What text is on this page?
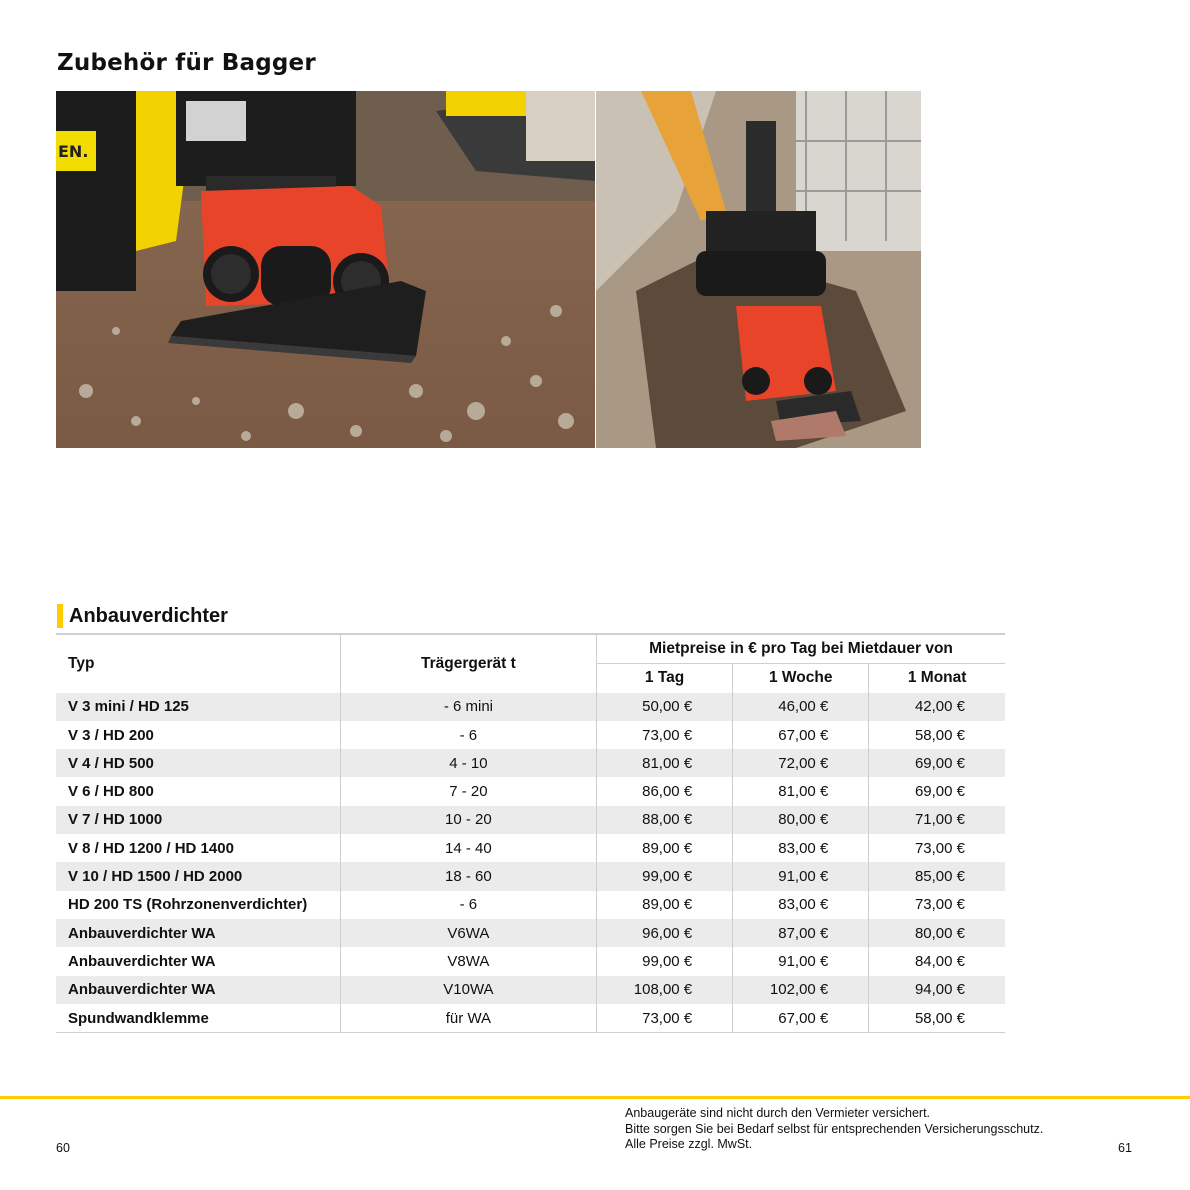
Zubehör für Bagger
EN.
Anbauverdichter
Typ	Trägergerät t	Mietpreise in € pro Tag bei Mietdauer von		
		1 Tag	1 Woche	1 Monat
V 3 mini / HD 125	- 6 mini	50,00 €	46,00 €	42,00 €
V 3 / HD 200	- 6	73,00 €	67,00 €	58,00 €
V 4 / HD 500	4 - 10	81,00 €	72,00 €	69,00 €
V 6 / HD 800	7 - 20	86,00 €	81,00 €	69,00 €
V 7 / HD 1000	10 - 20	88,00 €	80,00 €	71,00 €
V 8 / HD 1200 / HD 1400	14 - 40	89,00 €	83,00 €	73,00 €
V 10 / HD 1500 / HD 2000	18 - 60	99,00 €	91,00 €	85,00 €
HD 200 TS (Rohrzonenverdichter)	- 6	89,00 €	83,00 €	73,00 €
Anbauverdichter WA	V6WA	96,00 €	87,00 €	80,00 €
Anbauverdichter WA	V8WA	99,00 €	91,00 €	84,00 €
Anbauverdichter WA	V10WA	108,00 €	102,00 €	94,00 €
Spundwandklemme	für WA	73,00 €	67,00 €	58,00 €
60
Anbaugeräte sind nicht durch den Vermieter versichert.
Bitte sorgen Sie bei Bedarf selbst für entsprechenden Versicherungsschutz.
Alle Preise zzgl. MwSt.	61
